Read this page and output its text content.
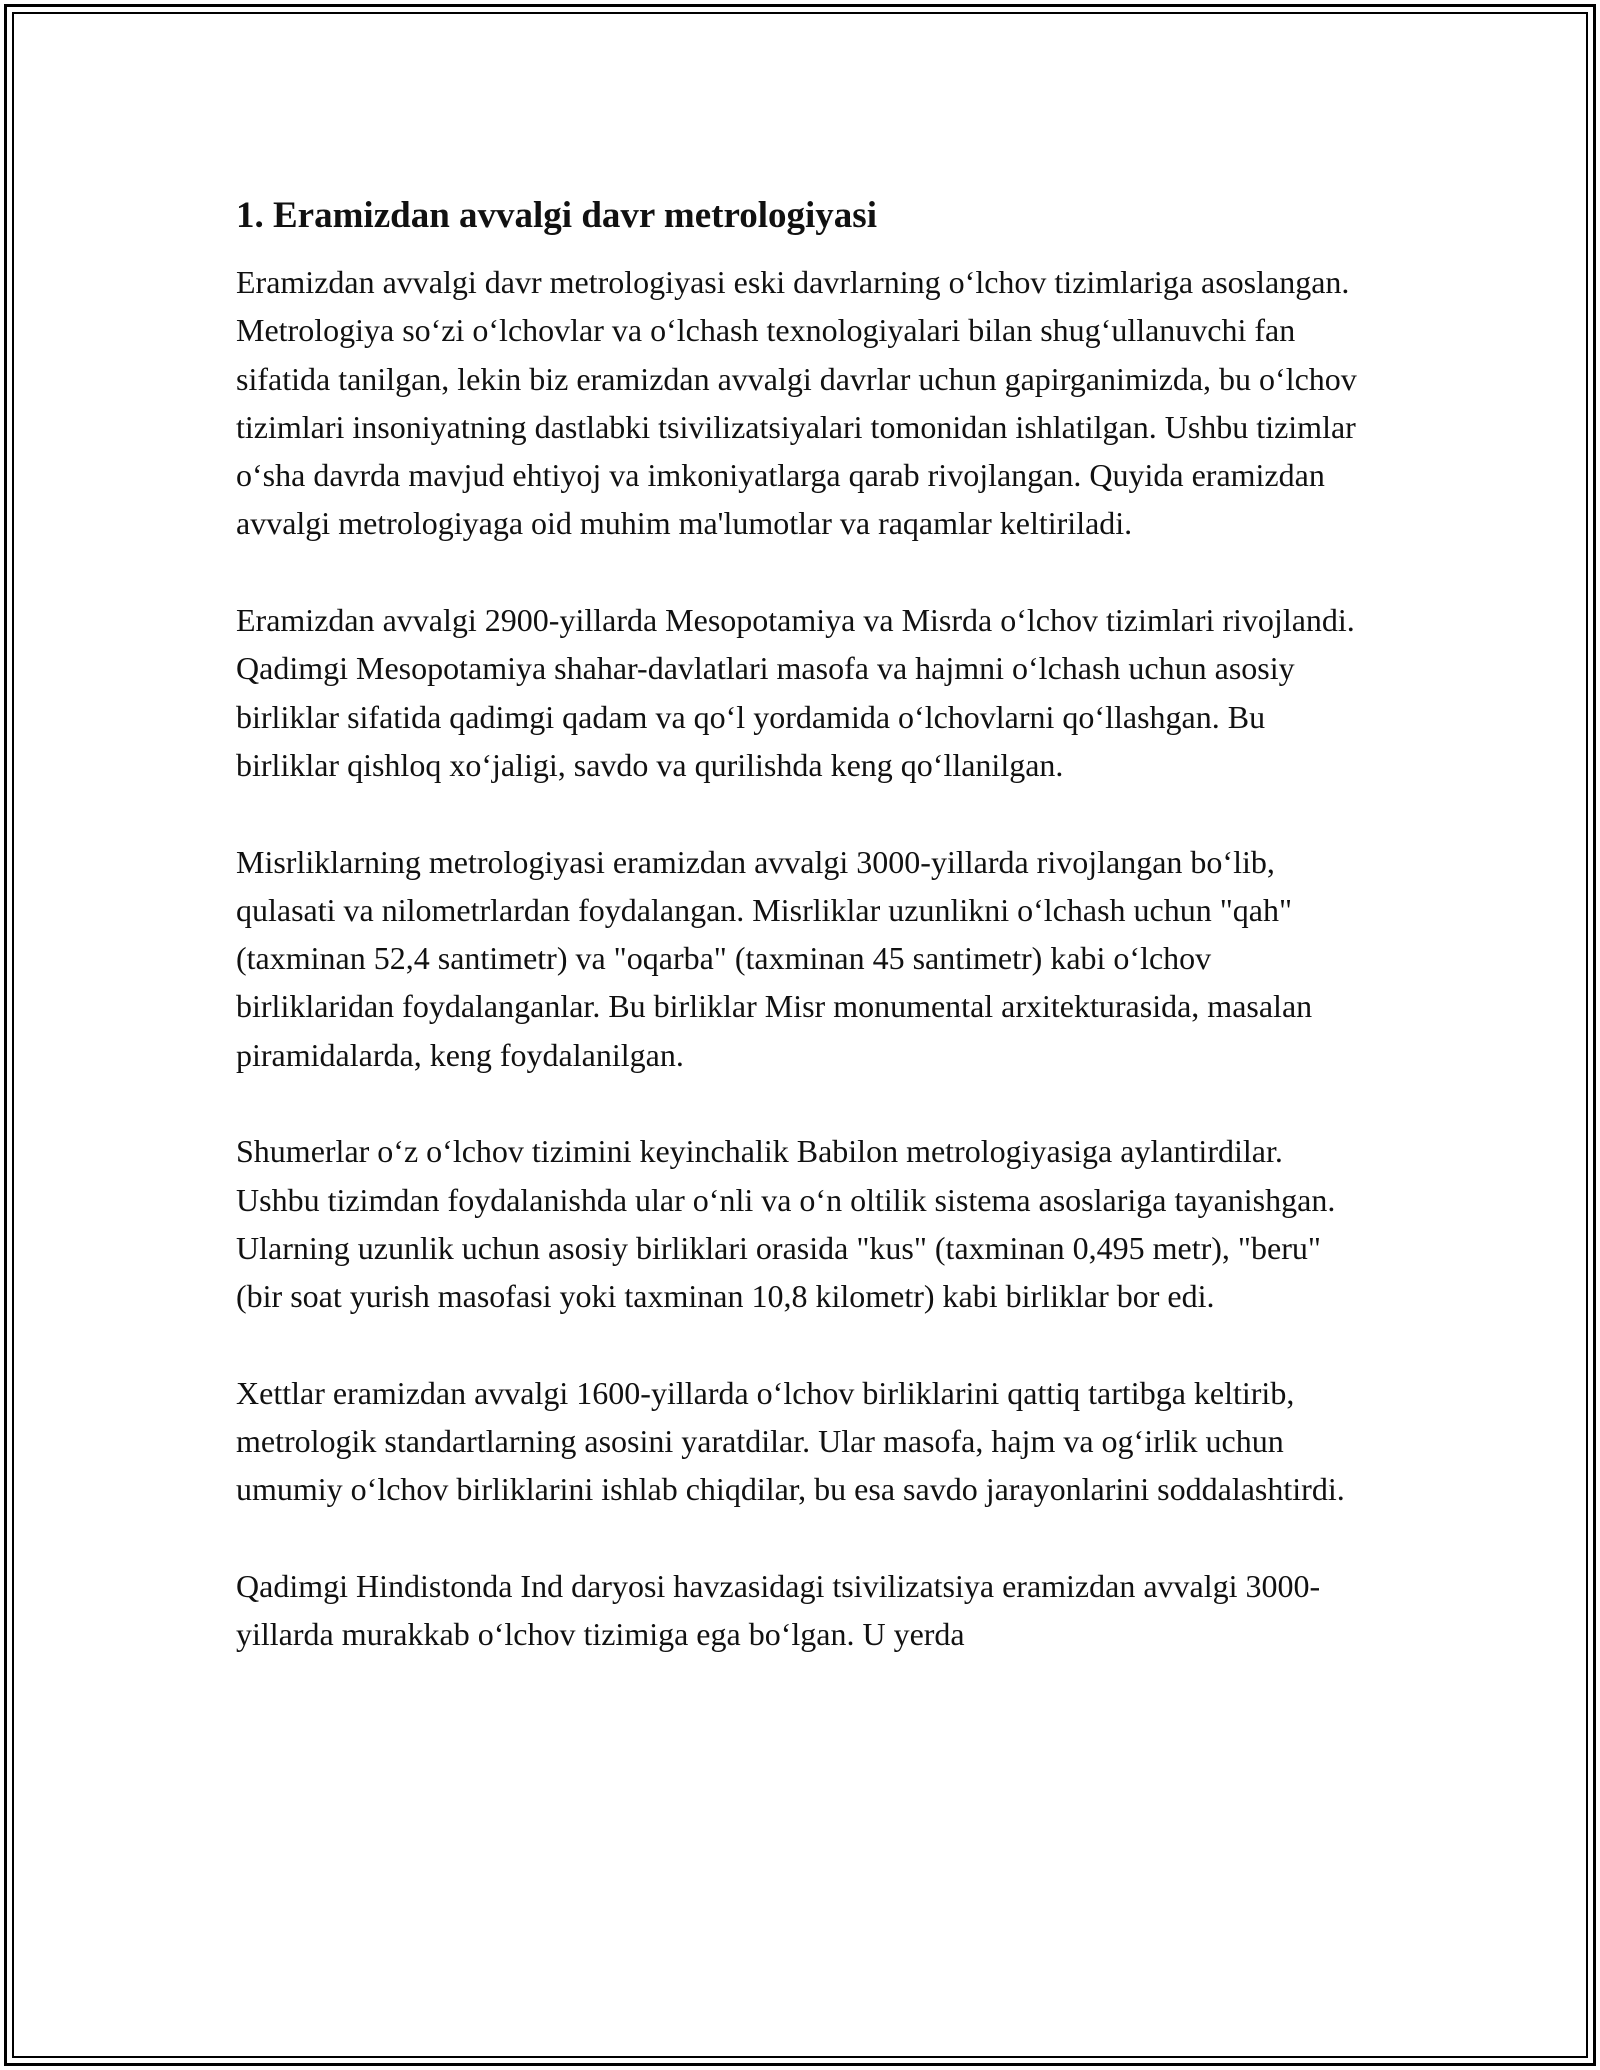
1. Eramizdan avvalgi davr metrologiyasi

Eramizdan avvalgi davr metrologiyasi eski davrlarning oʻlchov tizimlariga asoslangan. Metrologiya soʻzi oʻlchovlar va oʻlchash texnologiyalari bilan shugʻullanuvchi fan sifatida tanilgan, lekin biz eramizdan avvalgi davrlar uchun gapirganimizda, bu oʻlchov tizimlari insoniyatning dastlabki tsivilizatsiyalari tomonidan ishlatilgan. Ushbu tizimlar oʻsha davrda mavjud ehtiyoj va imkoniyatlarga qarab rivojlangan. Quyida eramizdan avvalgi metrologiyaga oid muhim ma'lumotlar va raqamlar keltiriladi.

Eramizdan avvalgi 2900-yillarda Mesopotamiya va Misrda oʻlchov tizimlari rivojlandi. Qadimgi Mesopotamiya shahar-davlatlari masofa va hajmni oʻlchash uchun asosiy birliklar sifatida qadimgi qadam va qoʻl yordamida oʻlchovlarni qoʻllashgan. Bu birliklar qishloq xoʻjaligi, savdo va qurilishda keng qoʻllanilgan.

Misrliklarning metrologiyasi eramizdan avvalgi 3000-yillarda rivojlangan boʻlib, qulasati va nilometrlardan foydalangan. Misrliklar uzunlikni oʻlchash uchun "qah" (taxminan 52,4 santimetr) va "oqarba" (taxminan 45 santimetr) kabi oʻlchov birliklaridan foydalanganlar. Bu birliklar Misr monumental arxitekturasida, masalan piramidalarda, keng foydalanilgan.

Shumerlar oʻz oʻlchov tizimini keyinchalik Babilon metrologiyasiga aylantirdilar. Ushbu tizimdan foydalanishda ular oʻnli va oʻn oltilik sistema asoslariga tayanishgan. Ularning uzunlik uchun asosiy birliklari orasida "kus" (taxminan 0,495 metr), "beru" (bir soat yurish masofasi yoki taxminan 10,8 kilometr) kabi birliklar bor edi.

Xettlar eramizdan avvalgi 1600-yillarda oʻlchov birliklarini qattiq tartibga keltirib, metrologik standartlarning asosini yaratdilar. Ular masofa, hajm va ogʻirlik uchun umumiy oʻlchov birliklarini ishlab chiqdilar, bu esa savdo jarayonlarini soddalashtirdi.

Qadimgi Hindistonda Ind daryosi havzasidagi tsivilizatsiya eramizdan avvalgi 3000-yillarda murakkab oʻlchov tizimiga ega boʻlgan. U yerda
